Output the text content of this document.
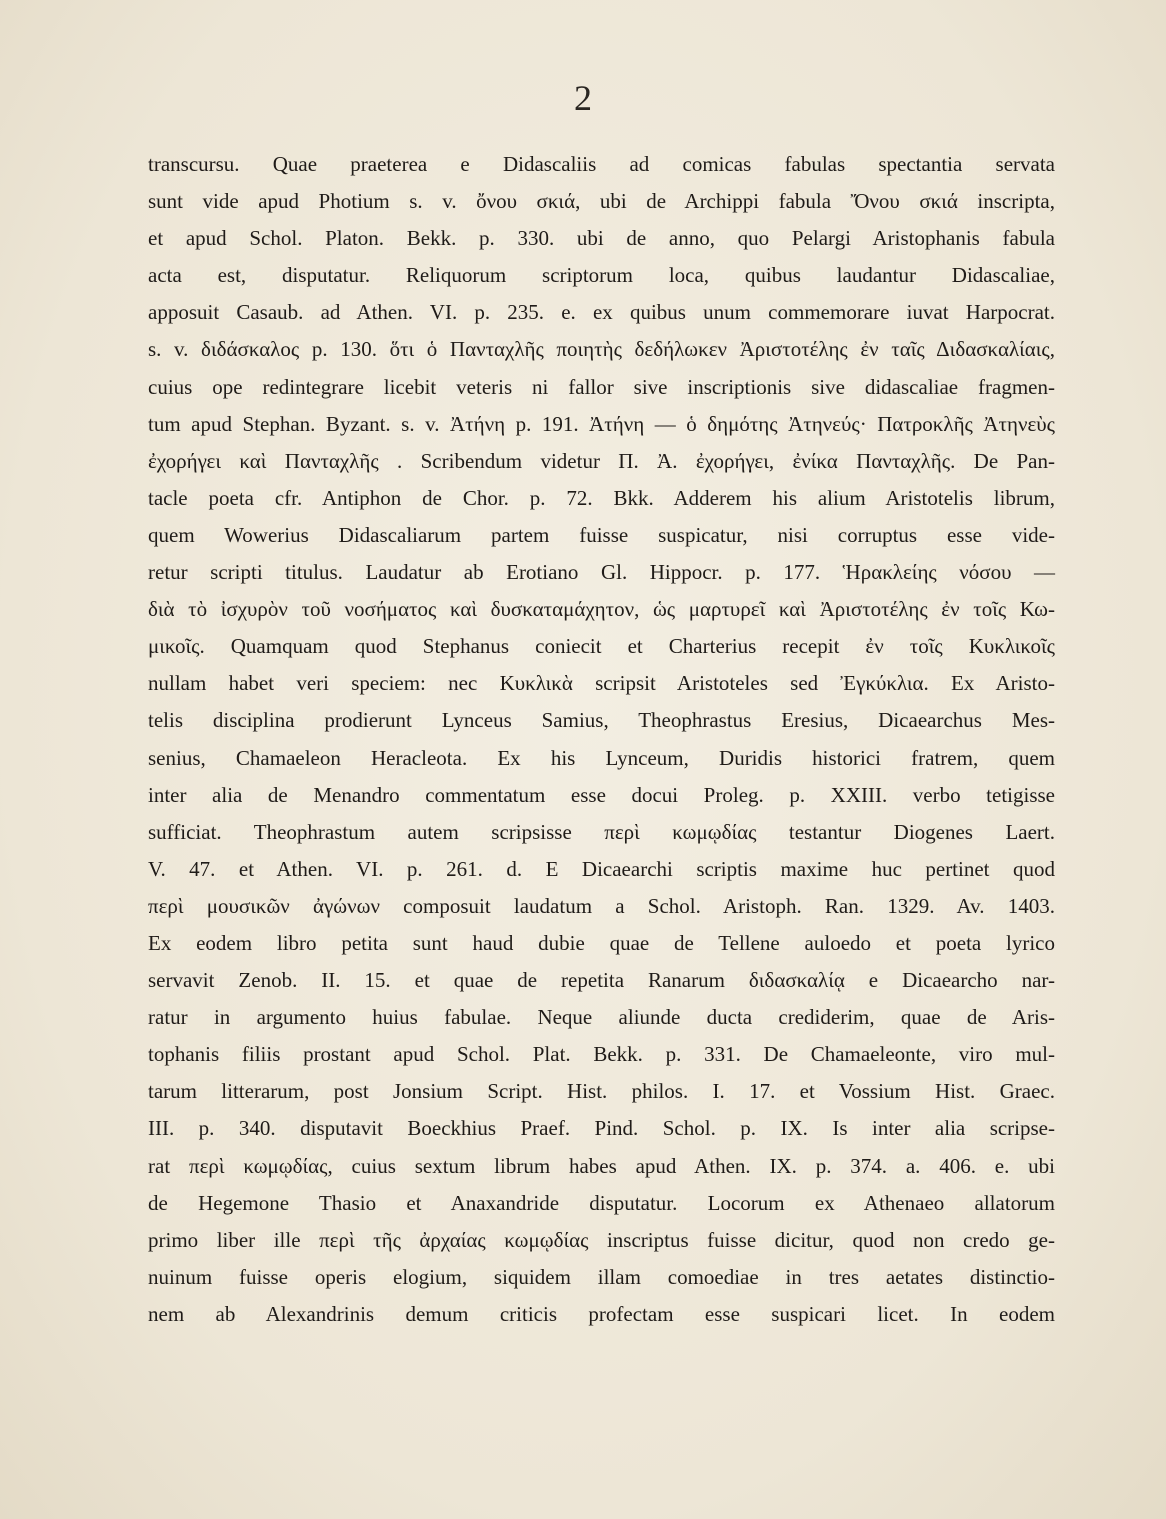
2
transcursu. Quae praeterea e Didascaliis ad comicas fabulas spectantia servata
sunt vide apud Photium s. v. ὄνου σκιά, ubi de Archippi fabula Ὄνου σκιά inscripta,
et apud Schol. Platon. Bekk. p. 330. ubi de anno, quo Pelargi Aristophanis fabula
acta est, disputatur. Reliquorum scriptorum loca, quibus laudantur Didascaliae,
apposuit Casaub. ad Athen. VI. p. 235. e. ex quibus unum commemorare iuvat Harpocrat.
s. v. διδάσκαλος p. 130. ὅτι ὁ Πανταχλῆς ποιητὴς δεδήλωκεν Ἀριστοτέλης ἐν ταῖς Διδασκαλίαις,
cuius ope redintegrare licebit veteris ni fallor sive inscriptionis sive didascaliae fragmen-
tum apud Stephan. Byzant. s. v. Ἀτήνη p. 191. Ἀτήνη — ὁ δημότης Ἀτηνεύς· Πατροκλῆς Ἀτηνεὺς
ἐχορήγει καὶ Πανταχλῆς . Scribendum videtur Π. Ἀ. ἐχορήγει, ἐνίκα Πανταχλῆς. De Pan-
tacle poeta cfr. Antiphon de Chor. p. 72. Bkk. Adderem his alium Aristotelis librum,
quem Wowerius Didascaliarum partem fuisse suspicatur, nisi corruptus esse vide-
retur scripti titulus. Laudatur ab Erotiano Gl. Hippocr. p. 177. Ἡρακλείης νόσου —
διὰ τὸ ἰσχυρὸν τοῦ νοσήματος καὶ δυσκαταμάχητον, ὡς μαρτυρεῖ καὶ Ἀριστοτέλης ἐν τοῖς Κω-
μικοῖς. Quamquam quod Stephanus coniecit et Charterius recepit ἐν τοῖς Κυκλικοῖς
nullam habet veri speciem: nec Κυκλικὰ scripsit Aristoteles sed Ἐγκύκλια. Ex Aristo-
telis disciplina prodierunt Lynceus Samius, Theophrastus Eresius, Dicaearchus Mes-
senius, Chamaeleon Heracleota. Ex his Lynceum, Duridis historici fratrem, quem
inter alia de Menandro commentatum esse docui Proleg. p. XXIII. verbo tetigisse
sufficiat. Theophrastum autem scripsisse περὶ κωμῳδίας testantur Diogenes Laert.
V. 47. et Athen. VI. p. 261. d. E Dicaearchi scriptis maxime huc pertinet quod
περὶ μουσικῶν ἀγώνων composuit laudatum a Schol. Aristoph. Ran. 1329. Av. 1403.
Ex eodem libro petita sunt haud dubie quae de Tellene auloedo et poeta lyrico
servavit Zenob. II. 15. et quae de repetita Ranarum διδασκαλίᾳ e Dicaearcho nar-
ratur in argumento huius fabulae. Neque aliunde ducta crediderim, quae de Aris-
tophanis filiis prostant apud Schol. Plat. Bekk. p. 331. De Chamaeleonte, viro mul-
tarum litterarum, post Jonsium Script. Hist. philos. I. 17. et Vossium Hist. Graec.
III. p. 340. disputavit Boeckhius Praef. Pind. Schol. p. IX. Is inter alia scripse-
rat περὶ κωμῳδίας, cuius sextum librum habes apud Athen. IX. p. 374. a. 406. e. ubi
de Hegemone Thasio et Anaxandride disputatur. Locorum ex Athenaeo allatorum
primo liber ille περὶ τῆς ἀρχαίας κωμῳδίας inscriptus fuisse dicitur, quod non credo ge-
nuinum fuisse operis elogium, siquidem illam comoediae in tres aetates distinctio-
nem ab Alexandrinis demum criticis profectam esse suspicari licet. In eodem
